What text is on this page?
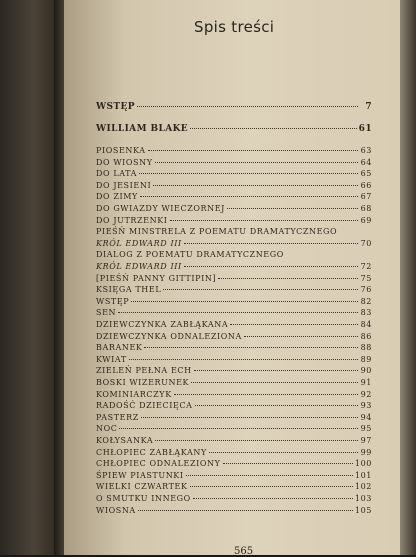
Spis treści
WSTĘP	7
WILLIAM BLAKE	61
PIOSENKA	63
DO WIOSNY	64
DO LATA	65
DO JESIENI	66
DO ZIMY	67
DO GWIAZDY WIECZORNEJ	68
DO JUTRZENKI	69
PIEŚŃ MINSTRELA Z POEMATU DRAMATYCZNEGO
KRÓL EDWARD III	70
DIALOG Z POEMATU DRAMATYCZNEGO
KRÓL EDWARD III	72
[PIEŚŃ PANNY GITTIPIN]	75
KSIĘGA THEL	76
WSTĘP	82
SEN	83
DZIEWCZYNKA ZABŁĄKANA	84
DZIEWCZYNKA ODNALEZIONA	86
BARANEK	88
KWIAT	89
ZIELEŃ PEŁNA ECH	90
BOSKI WIZERUNEK	91
KOMINIARCZYK	92
RADOŚĆ DZIECIĘCA	93
PASTERZ	94
NOC	95
KOŁYSANKA	97
CHŁOPIEC ZABŁĄKANY	99
CHŁOPIEC ODNALEZIONY	100
ŚPIEW PIASTUNKI	101
WIELKI CZWARTEK	102
O SMUTKU INNEGO	103
WIOSNA	105
565
